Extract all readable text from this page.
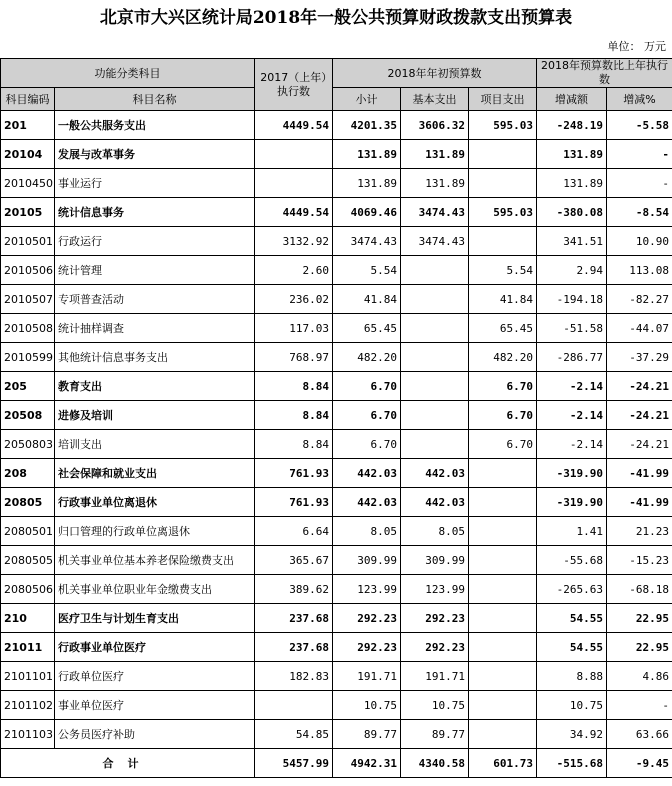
北京市大兴区统计局2018年一般公共预算财政拨款支出预算表
单位： 万元
功能分类科目		2017（上年）执行数	2018年年初预算数			2018年预算数比上年执行数	
科目编码	科目名称		小计	基本支出	项目支出	增减额	增减%
201	一般公共服务支出	4449.54	4201.35	3606.32	595.03	-248.19	-5.58
20104	发展与改革事务		131.89	131.89		131.89	-
2010450	事业运行		131.89	131.89		131.89	-
20105	统计信息事务	4449.54	4069.46	3474.43	595.03	-380.08	-8.54
2010501	行政运行	3132.92	3474.43	3474.43		341.51	10.90
2010506	统计管理	2.60	5.54		5.54	2.94	113.08
2010507	专项普查活动	236.02	41.84		41.84	-194.18	-82.27
2010508	统计抽样调查	117.03	65.45		65.45	-51.58	-44.07
2010599	其他统计信息事务支出	768.97	482.20		482.20	-286.77	-37.29
205	教育支出	8.84	6.70		6.70	-2.14	-24.21
20508	进修及培训	8.84	6.70		6.70	-2.14	-24.21
2050803	培训支出	8.84	6.70		6.70	-2.14	-24.21
208	社会保障和就业支出	761.93	442.03	442.03		-319.90	-41.99
20805	行政事业单位离退休	761.93	442.03	442.03		-319.90	-41.99
2080501	归口管理的行政单位离退休	6.64	8.05	8.05		1.41	21.23
2080505	机关事业单位基本养老保险缴费支出	365.67	309.99	309.99		-55.68	-15.23
2080506	机关事业单位职业年金缴费支出	389.62	123.99	123.99		-265.63	-68.18
210	医疗卫生与计划生育支出	237.68	292.23	292.23		54.55	22.95
21011	行政事业单位医疗	237.68	292.23	292.23		54.55	22.95
2101101	行政单位医疗	182.83	191.71	191.71		8.88	4.86
2101102	事业单位医疗		10.75	10.75		10.75	-
2101103	公务员医疗补助	54.85	89.77	89.77		34.92	63.66
合计		5457.99	4942.31	4340.58	601.73	-515.68	-9.45
